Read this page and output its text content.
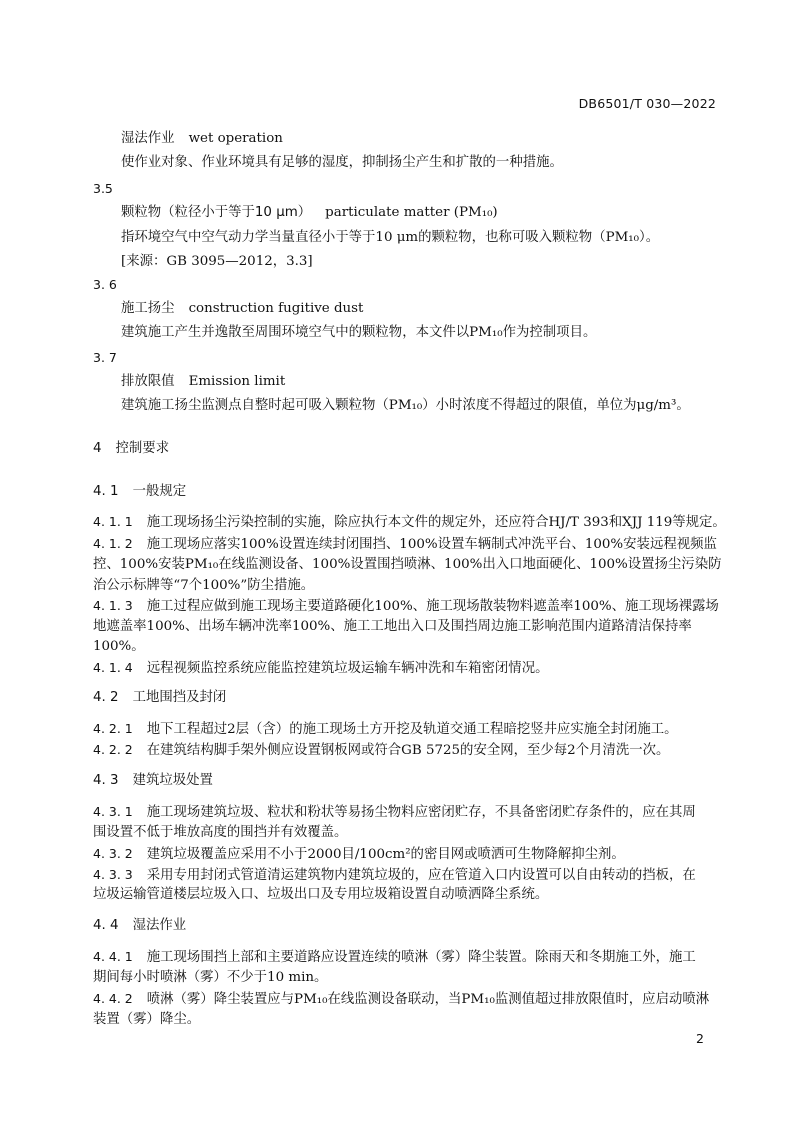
DB6501/T 030—2022
湿法作业 wet operation
使作业对象、作业环境具有足够的湿度，抑制扬尘产生和扩散的一种措施。
3.5
颗粒物（粒径小于等于10 μm） particulate matter (PM₁₀)
指环境空气中空气动力学当量直径小于等于10 μm的颗粒物，也称可吸入颗粒物（PM₁₀）。
[来源：GB 3095—2012，3.3]
3. 6
施工扬尘 construction fugitive dust
建筑施工产生并逸散至周围环境空气中的颗粒物，本文件以PM₁₀作为控制项目。
3. 7
排放限值 Emission limit
建筑施工扬尘监测点自整时起可吸入颗粒物（PM₁₀）小时浓度不得超过的限值，单位为μg/m³。
4 控制要求
4. 1 一般规定
4. 1. 1 施工现场扬尘污染控制的实施，除应执行本文件的规定外，还应符合HJ/T 393和XJJ 119等规定。
4. 1. 2 施工现场应落实100%设置连续封闭围挡、100%设置车辆制式冲洗平台、100%安装远程视频监
控、100%安装PM₁₀在线监测设备、100%设置围挡喷淋、100%出入口地面硬化、100%设置扬尘污染防
治公示标牌等“7个100%”防尘措施。
4. 1. 3 施工过程应做到施工现场主要道路硬化100%、施工现场散装物料遮盖率100%、施工现场裸露场
地遮盖率100%、出场车辆冲洗率100%、施工工地出入口及围挡周边施工影响范围内道路清洁保持率
100%。
4. 1. 4 远程视频监控系统应能监控建筑垃圾运输车辆冲洗和车箱密闭情况。
4. 2 工地围挡及封闭
4. 2. 1 地下工程超过2层（含）的施工现场土方开挖及轨道交通工程暗挖竖井应实施全封闭施工。
4. 2. 2 在建筑结构脚手架外侧应设置钢板网或符合GB 5725的安全网，至少每2个月清洗一次。
4. 3 建筑垃圾处置
4. 3. 1 施工现场建筑垃圾、粒状和粉状等易扬尘物料应密闭贮存，不具备密闭贮存条件的，应在其周
围设置不低于堆放高度的围挡并有效覆盖。
4. 3. 2 建筑垃圾覆盖应采用不小于2000目/100cm²的密目网或喷洒可生物降解抑尘剂。
4. 3. 3 采用专用封闭式管道清运建筑物内建筑垃圾的，应在管道入口内设置可以自由转动的挡板，在
垃圾运输管道楼层垃圾入口、垃圾出口及专用垃圾箱设置自动喷洒降尘系统。
4. 4 湿法作业
4. 4. 1 施工现场围挡上部和主要道路应设置连续的喷淋（雾）降尘装置。除雨天和冬期施工外，施工
期间每小时喷淋（雾）不少于10 min。
4. 4. 2 喷淋（雾）降尘装置应与PM₁₀在线监测设备联动，当PM₁₀监测值超过排放限值时，应启动喷淋
装置（雾）降尘。
2
